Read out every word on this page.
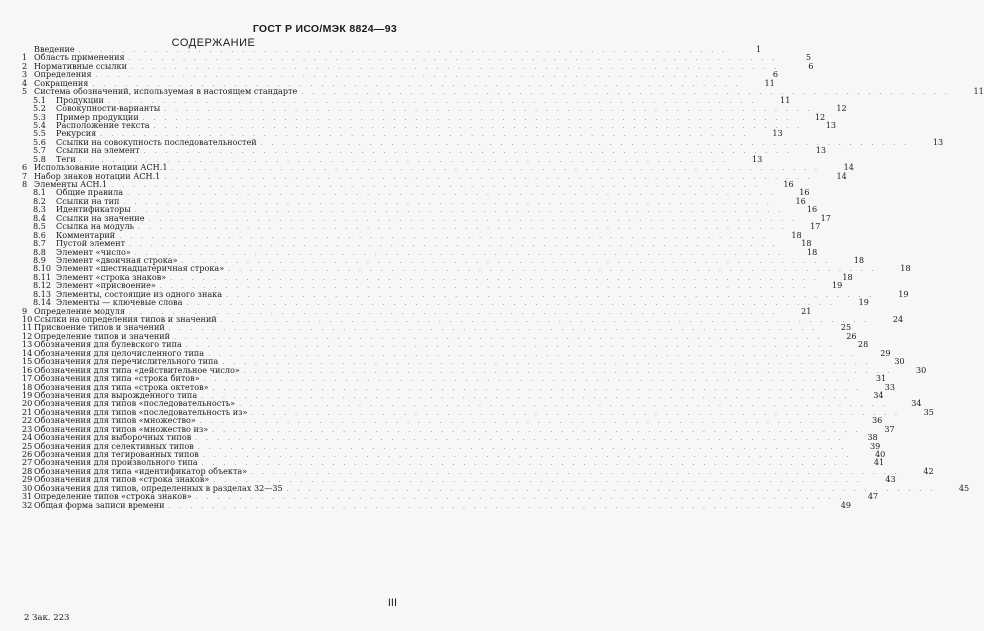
ГОСТ Р ИСО/МЭК 8824—93
СОДЕРЖАНИЕ
Введение ............................................................	1
1 Область применения ............................................................	5
2 Нормативные ссылки ............................................................	6
3 Определения ............................................................	6
4 Сокращения ............................................................	11
5 Система обозначений, используемая в настоящем стандарте ............................................................	11
5.1	Продукции ............................................................	11
5.2	Совокупности-варианты ............................................................	12
5.3	Пример продукции ............................................................	12
5.4	Расположение текста ............................................................	13
5.5	Рекурсия ............................................................	13
5.6	Ссылки на совокупность последовательностей ............................................................	13
5.7	Ссылки на элемент ............................................................	13
5.8	Теги ............................................................	13
6 Использование нотации АСН.1 ............................................................	14
7 Набор знаков нотации АСН.1 ............................................................	14
8 Элементы АСН.1 ............................................................	16
8.1	Общие правила ............................................................	16
8.2	Ссылки на тип ............................................................	16
8.3	Идентификаторы ............................................................	16
8.4	Ссылки на значение ............................................................	17
8.5	Ссылка на модуль ............................................................	17
8.6	Комментарий ............................................................	18
8.7	Пустой элемент ............................................................	18
8.8	Элемент «число» ............................................................	18
8.9	Элемент «двоичная строка» ............................................................	18
8.10 Элемент «шестнадцатеричная строка» ............................................................	18
8.11 Элемент «строка знаков» ............................................................	18
8.12 Элемент «присвоение» ............................................................	19
8.13 Элементы, состоящие из одного знака ............................................................	19
8.14 Элементы — ключевые слова ............................................................	19
9 Определение модуля ............................................................	21
10 Ссылки на определения типов и значений ............................................................	24
11 Присвоение типов и значений ............................................................	25
12 Определение типов и значений ............................................................	26
13 Обозначения для булевского типа ............................................................	28
14 Обозначения для целочисленного типа ............................................................	29
15 Обозначения для перечислительного типа ............................................................	30
16 Обозначения для типа «действительное число» ............................................................	30
17 Обозначения для типа «строка битов» ............................................................	31
18 Обозначения для типа «строка октетов» ............................................................	33
19 Обозначения для вырожденного типа ............................................................	34
20 Обозначения для типов «последовательность» ............................................................	34
21 Обозначения для типов «последовательность из» ............................................................	35
22 Обозначения для типов «множество» ............................................................	36
23 Обозначения для типов «множество из» ............................................................	37
24 Обозначения для выборочных типов ............................................................	38
25 Обозначения для селективных типов ............................................................	39
26 Обозначения для тегированных типов ............................................................	40
27 Обозначения для произвольного типа ............................................................	41
28 Обозначения для типа «идентификатор объекта» ............................................................	42
29 Обозначения для типов «строка знаков» ............................................................	43
30 Обозначения для типов, определенных в разделах 32—35 ............................................................	45
31 Определение типов «строка знаков» ............................................................	47
32 Общая форма записи времени ............................................................	49
III
2 Зак. 223
